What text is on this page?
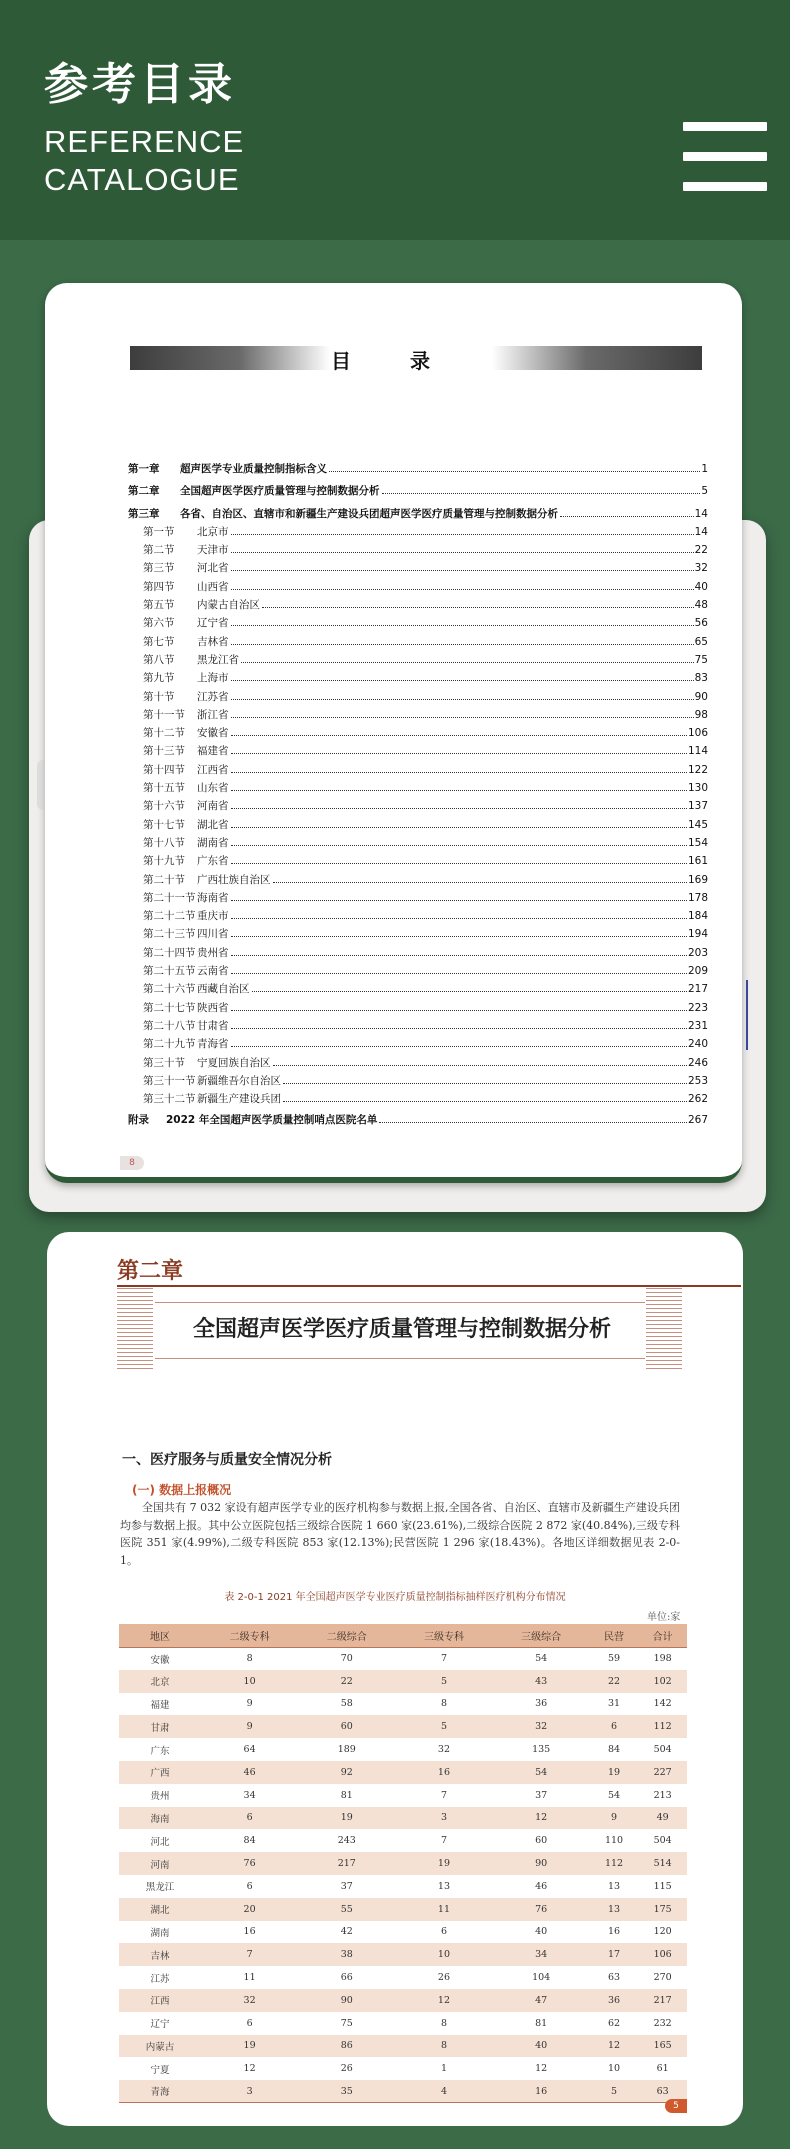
参考目录
REFERENCE
CATALOGUE
目 录
第一章	超声医学专业质量控制指标含义	1
第二章	全国超声医学医疗质量管理与控制数据分析	5
第三章	各省、自治区、直辖市和新疆生产建设兵团超声医学医疗质量管理与控制数据分析	14
第一节	北京市	14
第二节	天津市	22
第三节	河北省	32
第四节	山西省	40
第五节	内蒙古自治区	48
第六节	辽宁省	56
第七节	吉林省	65
第八节	黑龙江省	75
第九节	上海市	83
第十节	江苏省	90
第十一节	浙江省	98
第十二节	安徽省	106
第十三节	福建省	114
第十四节	江西省	122
第十五节	山东省	130
第十六节	河南省	137
第十七节	湖北省	145
第十八节	湖南省	154
第十九节	广东省	161
第二十节	广西壮族自治区	169
第二十一节 海南省	178
第二十二节 重庆市	184
第二十三节 四川省	194
第二十四节 贵州省	203
第二十五节 云南省	209
第二十六节 西藏自治区	217
第二十七节 陕西省	223
第二十八节 甘肃省	231
第二十九节 青海省	240
第三十节	宁夏回族自治区	246
第三十一节 新疆维吾尔自治区	253
第三十二节 新疆生产建设兵团	262
附录	2022 年全国超声医学质量控制哨点医院名单	267
8
第二章
全国超声医学医疗质量管理与控制数据分析
一、医疗服务与质量安全情况分析
(一) 数据上报概况
全国共有 7 032 家设有超声医学专业的医疗机构参与数据上报,全国各省、自治区、直辖市及新疆生产建设兵团均参与数据上报。其中公立医院包括三级综合医院 1 660 家(23.61%),二级综合医院 2 872 家(40.84%),三级专科医院 351 家(4.99%),二级专科医院 853 家(12.13%);民营医院 1 296 家(18.43%)。各地区详细数据见表 2-0-1。
表 2-0-1 2021 年全国超声医学专业医疗质量控制指标抽样医疗机构分布情况
单位:家
地区	二级专科	二级综合	三级专科	三级综合	民营	合计
安徽	8	70	7	54	59	198
北京	10	22	5	43	22	102
福建	9	58	8	36	31	142
甘肃	9	60	5	32	6	112
广东	64	189	32	135	84	504
广西	46	92	16	54	19	227
贵州	34	81	7	37	54	213
海南	6	19	3	12	9	49
河北	84	243	7	60	110	504
河南	76	217	19	90	112	514
黑龙江	6	37	13	46	13	115
湖北	20	55	11	76	13	175
湖南	16	42	6	40	16	120
吉林	7	38	10	34	17	106
江苏	11	66	26	104	63	270
江西	32	90	12	47	36	217
辽宁	6	75	8	81	62	232
内蒙古	19	86	8	40	12	165
宁夏	12	26	1	12	10	61
青海	3	35	4	16	5	63
5
